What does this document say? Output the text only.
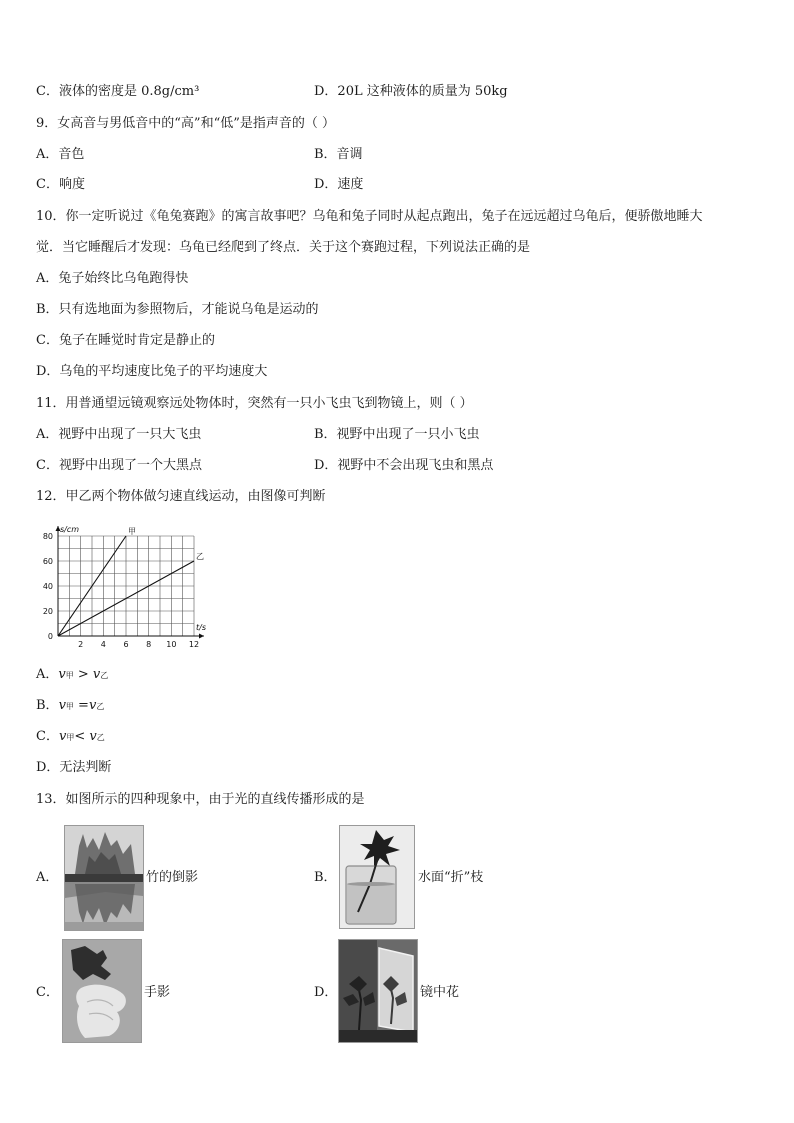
C．液体的密度是 0.8g/cm³	D．20L 这种液体的质量为 50kg
9．女高音与男低音中的“高”和“低”是指声音的（ ）
A．音色	B．音调
C．响度	D．速度
10．你一定听说过《龟兔赛跑》的寓言故事吧？乌龟和兔子同时从起点跑出，兔子在远远超过乌龟后，便骄傲地睡大
觉．当它睡醒后才发现：乌龟已经爬到了终点．关于这个赛跑过程，下列说法正确的是
A．兔子始终比乌龟跑得快
B．只有选地面为参照物后，才能说乌龟是运动的
C．兔子在睡觉时肯定是静止的
D．乌龟的平均速度比兔子的平均速度大
11．用普通望远镜观察远处物体时，突然有一只小飞虫飞到物镜上，则（ ）
A．视野中出现了一只大飞虫	B．视野中出现了一只小飞虫
C．视野中出现了一个大黑点	D．视野中不会出现飞虫和黑点
12．甲乙两个物体做匀速直线运动，由图像可判断
2 4 6 8 10 12
0
20
40
60
80
s/cm
t/s
甲
乙
A．v甲 > v乙
B．v甲 =v乙
C．v甲< v乙
D．无法判断
13．如图所示的四种现象中，由于光的直线传播形成的是
A．	竹的倒影	B．	水面“折”枝
C．	手影	D．	镜中花
